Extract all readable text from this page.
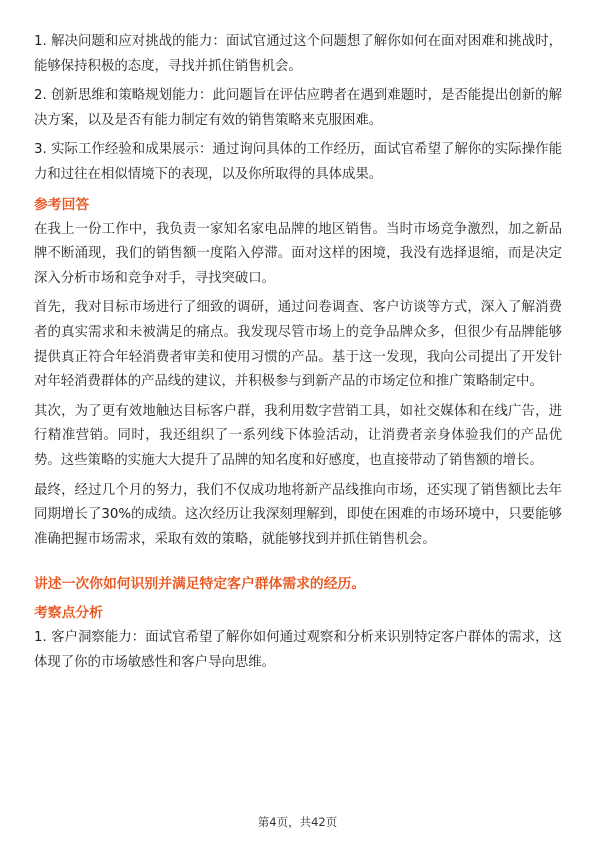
1. 解决问题和应对挑战的能力：面试官通过这个问题想了解你如何在面对困难和挑战时，能够保持积极的态度，寻找并抓住销售机会。

2. 创新思维和策略规划能力：此问题旨在评估应聘者在遇到难题时，是否能提出创新的解决方案，以及是否有能力制定有效的销售策略来克服困难。

3. 实际工作经验和成果展示：通过询问具体的工作经历，面试官希望了解你的实际操作能力和过往在相似情境下的表现，以及你所取得的具体成果。

参考回答

在我上一份工作中，我负责一家知名家电品牌的地区销售。当时市场竞争激烈，加之新品牌不断涌现，我们的销售额一度陷入停滞。面对这样的困境，我没有选择退缩，而是决定深入分析市场和竞争对手，寻找突破口。

首先，我对目标市场进行了细致的调研，通过问卷调查、客户访谈等方式，深入了解消费者的真实需求和未被满足的痛点。我发现尽管市场上的竞争品牌众多，但很少有品牌能够提供真正符合年轻消费者审美和使用习惯的产品。基于这一发现，我向公司提出了开发针对年轻消费群体的产品线的建议，并积极参与到新产品的市场定位和推广策略制定中。

其次，为了更有效地触达目标客户群，我利用数字营销工具，如社交媒体和在线广告，进行精准营销。同时，我还组织了一系列线下体验活动，让消费者亲身体验我们的产品优势。这些策略的实施大大提升了品牌的知名度和好感度，也直接带动了销售额的增长。

最终，经过几个月的努力，我们不仅成功地将新产品线推向市场，还实现了销售额比去年同期增长了30%的成绩。这次经历让我深刻理解到，即使在困难的市场环境中，只要能够准确把握市场需求，采取有效的策略，就能够找到并抓住销售机会。

讲述一次你如何识别并满足特定客户群体需求的经历。
考察点分析

1. 客户洞察能力：面试官希望了解你如何通过观察和分析来识别特定客户群体的需求，这体现了你的市场敏感性和客户导向思维。

第4页，共42页
